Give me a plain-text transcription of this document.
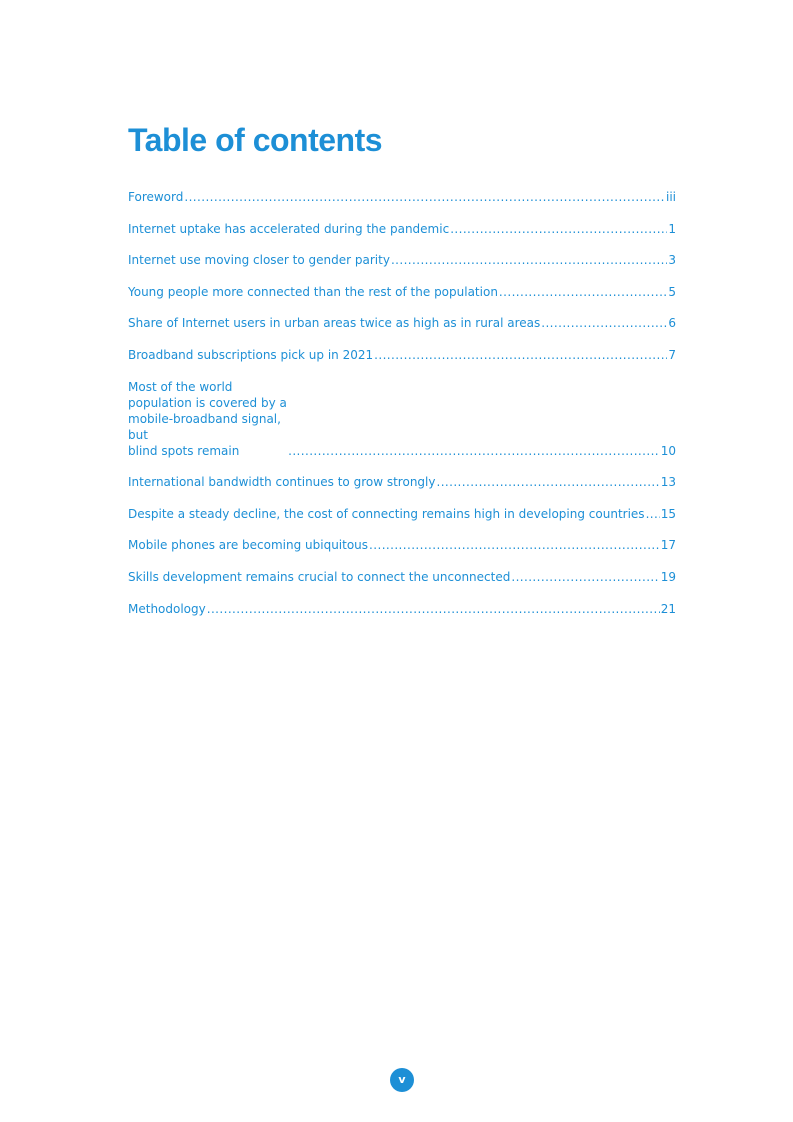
Table of contents
Foreword .....	iii
Internet uptake has accelerated during the pandemic .....	1
Internet use moving closer to gender parity .....	3
Young people more connected than the rest of the population .....	5
Share of Internet users in urban areas twice as high as in rural areas .....	6
Broadband subscriptions pick up in 2021 .....	7
Most of the world population is covered by a mobile-broadband signal, but
blind spots remain .....	10
International bandwidth continues to grow strongly .....	13
Despite a steady decline, the cost of connecting remains high in developing countries ..... 15
Mobile phones are becoming ubiquitous .....	17
Skills development remains crucial to connect the unconnected .....	19
Methodology .....	21
v
